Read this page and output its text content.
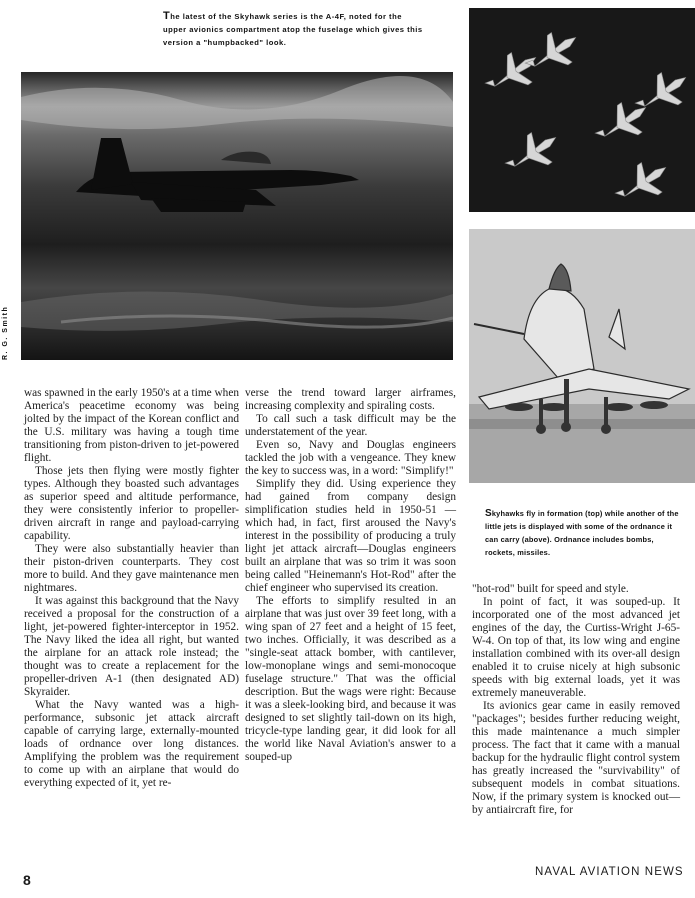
The latest of the Skyhawk series is the A-4F, noted for the upper avionics compartment atop the fuselage which gives this version a "humpbacked" look.
R. G. Smith
Skyhawks fly in formation (top) while another of the little jets is displayed with some of the ordnance it can carry (above). Ordnance includes bombs, rockets, missiles.

was spawned in the early 1950's at a time when America's peacetime economy was being jolted by the impact of the Korean conflict and the U.S. military was having a tough time transitioning from piston-driven to jet-powered flight.

Those jets then flying were mostly fighter types. Although they boasted such advantages as superior speed and altitude performance, they were consistently inferior to propeller-driven aircraft in range and payload-carrying capability.

They were also substantially heavier than their piston-driven counterparts. They cost more to build. And they gave maintenance men nightmares.

It was against this background that the Navy received a proposal for the construction of a light, jet-powered fighter-interceptor in 1952. The Navy liked the idea all right, but wanted the airplane for an attack role instead; the thought was to create a replacement for the propeller-driven A-1 (then designated AD) Skyraider.

What the Navy wanted was a high-performance, subsonic jet attack aircraft capable of carrying large, externally-mounted loads of ordnance over long distances. Amplifying the problem was the requirement to come up with an airplane that would do everything expected of it, yet re-

verse the trend toward larger airframes, increasing complexity and spiraling costs.

To call such a task difficult may be the understatement of the year.

Even so, Navy and Douglas engineers tackled the job with a vengeance. They knew the key to success was, in a word: "Simplify!"

Simplify they did. Using experience they had gained from company design simplification studies held in 1950-51 —which had, in fact, first aroused the Navy's interest in the possibility of producing a truly light jet attack aircraft—Douglas engineers built an airplane that was so trim it was soon being called "Heinemann's Hot-Rod" after the chief engineer who supervised its creation.

The efforts to simplify resulted in an airplane that was just over 39 feet long, with a wing span of 27 feet and a height of 15 feet, two inches. Officially, it was described as a "single-seat attack bomber, with cantilever, low-monoplane wings and semi-monocoque fuselage structure." That was the official description. But the wags were right: Because it was a sleek-looking bird, and because it was designed to set slightly tail-down on its high, tricycle-type landing gear, it did look for all the world like Naval Aviation's answer to a souped-up

"hot-rod" built for speed and style.

In point of fact, it was souped-up. It incorporated one of the most advanced jet engines of the day, the Curtiss-Wright J-65-W-4. On top of that, its low wing and engine installation combined with its over-all design enabled it to cruise nicely at high subsonic speeds with big external loads, yet it was extremely maneuverable.

Its avionics gear came in easily removed "packages"; besides further reducing weight, this made maintenance a much simpler process. The fact that it came with a manual backup for the hydraulic flight control system has greatly increased the "survivability" of subsequent models in combat situations. Now, if the primary system is knocked out—by antiaircraft fire, for

8	NAVAL AVIATION NEWS
